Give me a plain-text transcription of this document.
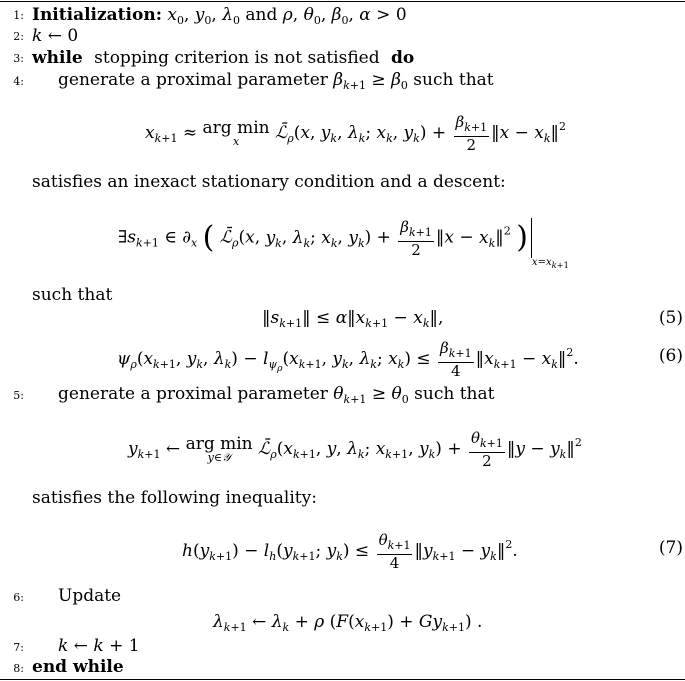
1: Initialization: $x_0$, $y_0$, $\lambda_0$ and ρ, $\theta_0$, $\beta_0$, α > 0
2: k ← 0
3: while stopping criterion is not satisfied do
4: generate a proximal parameter $\beta_{k+1} \ge \beta_0$ such that
$x_{k+1}$ ≈ arg min
x	$ℒ̄_\rho(x$, $y_k$, $\lambda_k$; $x_k$, $y_k) + \frac{\beta_{k+1}}{2}$ ‖x − $x_k‖^2$
satisfies an inexact stationary condition and a descent:
$\exists s_{k+1}$ ∈ $\partial_x$ ( $ℒ̄_\rho(x$, $y_k$, $\lambda_k$; $x_k$, $y_k) + \frac{\beta_{k+1}}{2}$ ‖x − $x_k‖^2$ )$_{x=x_{k+1}}$
such that
$‖s_{k+1}‖$ ≤ $\alpha‖x_{k+1}$ − $x_k‖$,	(5)
$\psi_\rho(x_{k+1}$, $y_k$, $\lambda_k) - l_{\psi_\rho}(x_{k+1}$, $y_k$, $\lambda_k$; $x_k) \le \frac{\beta_{k+1}}{4}$ $‖x_{k+1}$ − $x_k‖^2$.	(6)
5: generate a proximal parameter $\theta_{k+1} \ge \theta_0$ such that
$y_{k+1}$ ← arg min
y∈𝒴	$ℒ̄_\rho(x_{k+1}$, y, $\lambda_k$; $x_{k+1}$, $y_k) + \frac{\theta_{k+1}}{2}$ ‖y − $y_k‖^2$
satisfies the following inequality:
$h(y_{k+1}) - l_h(y_{k+1}$; $y_k) \le \frac{\theta_{k+1}}{4}$ $‖y_{k+1}$ − $y_k‖^2$.	(7)
6: Update
$\lambda_{k+1}$ ← $\lambda_k + \rho$ $(F(x_{k+1}) + Gy_{k+1})$ .
7: k ← k + 1
8: end while
